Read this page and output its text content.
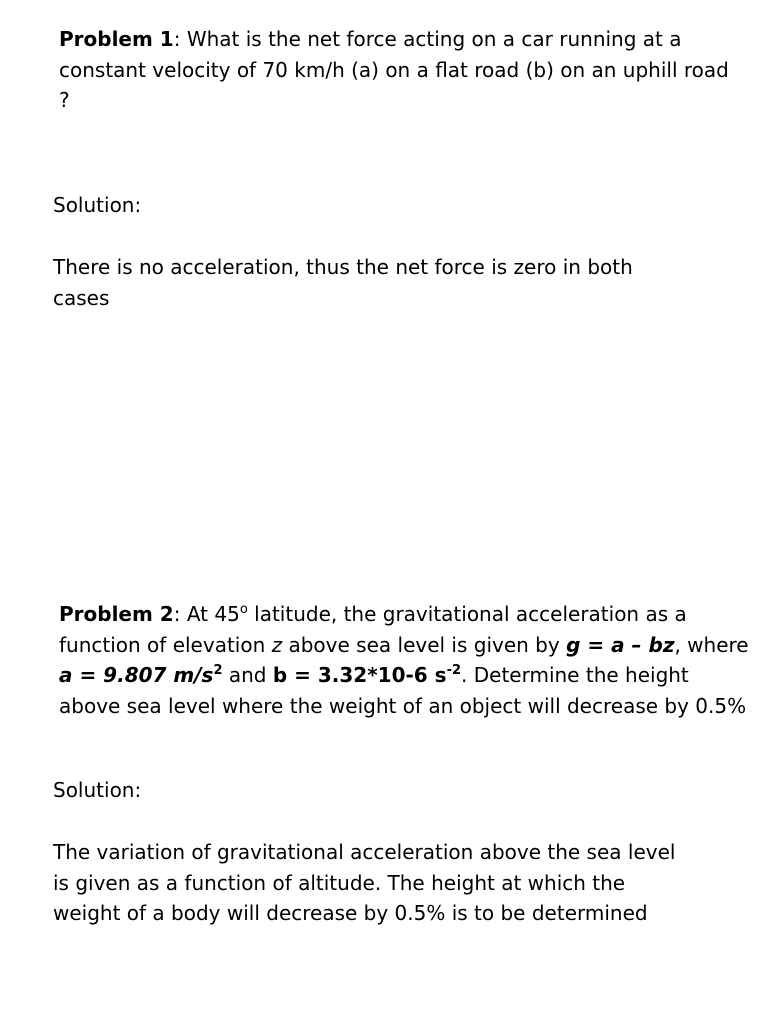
Problem 1: What is the net force acting on a car running at a constant velocity of 70 km/h (a) on a flat road (b) on an uphill road ?

Solution:

There is no acceleration, thus the net force is zero in both cases

Problem 2: At 45$^o$ latitude, the gravitational acceleration as a function of elevation z above sea level is given by g = a – bz, where a = 9.807 $m/s^2$ and b = 3.32*10-6 $s^{-2}$. Determine the height above sea level where the weight of an object will decrease by 0.5%

Solution:

The variation of gravitational acceleration above the sea level is given as a function of altitude. The height at which the weight of a body will decrease by 0.5% is to be determined
